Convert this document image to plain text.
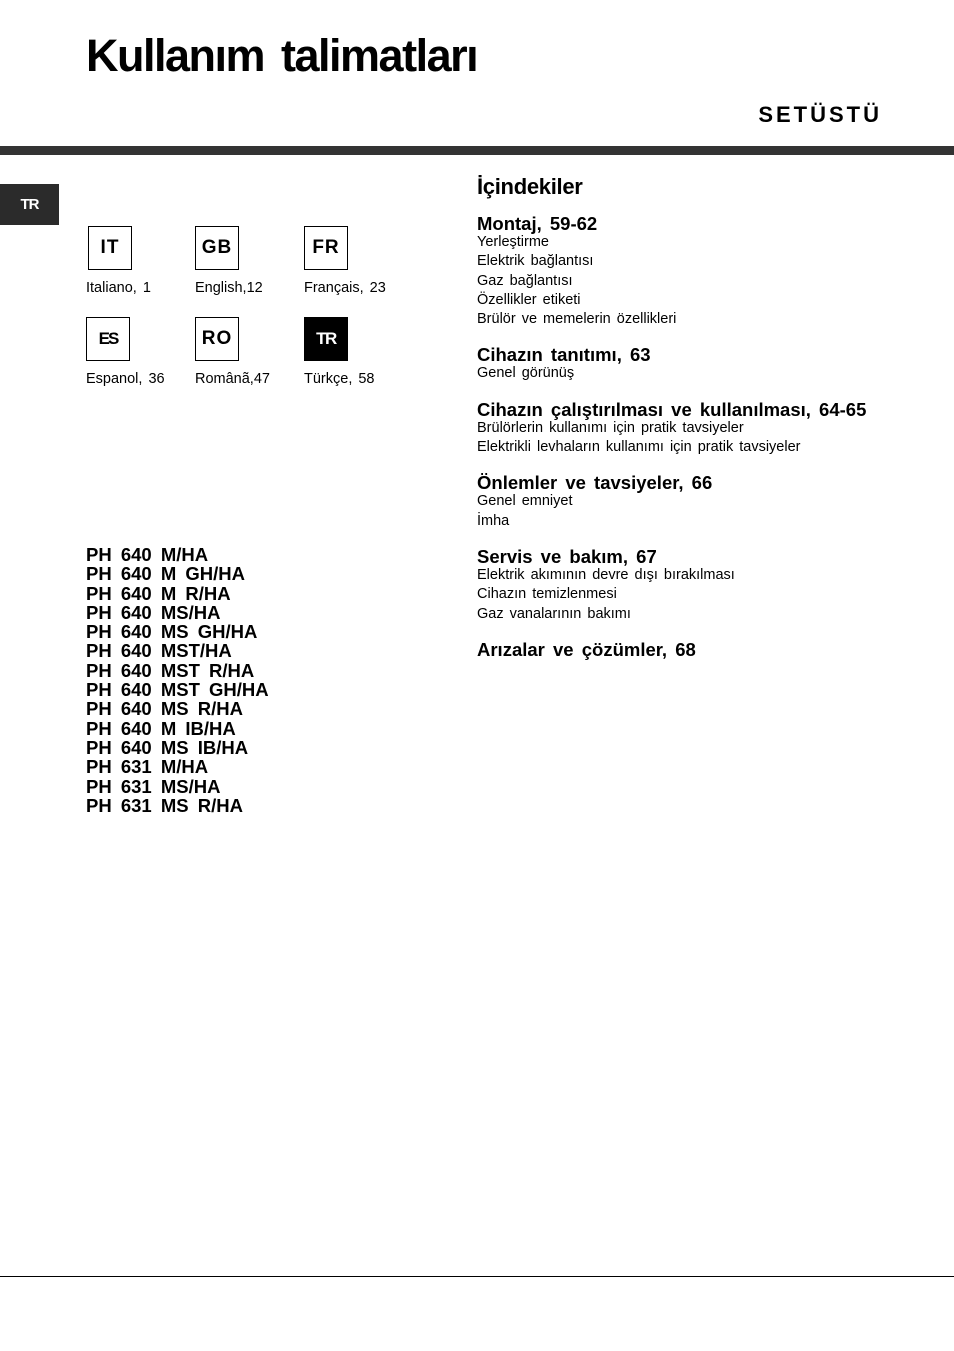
Kullanım talimatları
SETÜSTÜ
TR
IT
Italiano, 1
GB
English,12
FR
Français, 23
ES
Espanol, 36
RO
Românã,47
TR
Türkçe, 58
PH 640 M/HA
PH 640 M GH/HA
PH 640 M R/HA
PH 640 MS/HA
PH 640 MS GH/HA
PH 640 MST/HA
PH 640 MST R/HA
PH 640 MST GH/HA
PH 640 MS R/HA
PH 640 M IB/HA
PH 640 MS IB/HA
PH 631 M/HA
PH 631 MS/HA
PH 631 MS R/HA
İçindekiler
Montaj, 59-62
Yerleştirme
Elektrik bağlantısı
Gaz bağlantısı
Özellikler etiketi
Brülör ve memelerin özellikleri
Cihazın tanıtımı, 63
Genel görünüş
Cihazın çalıştırılması ve kullanılması, 64-65
Brülörlerin kullanımı için pratik tavsiyeler
Elektrikli levhaların kullanımı için pratik tavsiyeler
Önlemler ve tavsiyeler, 66
Genel emniyet
İmha
Servis ve bakım, 67
Elektrik akımının devre dışı bırakılması
Cihazın temizlenmesi
Gaz vanalarının bakımı
Arızalar ve çözümler, 68
